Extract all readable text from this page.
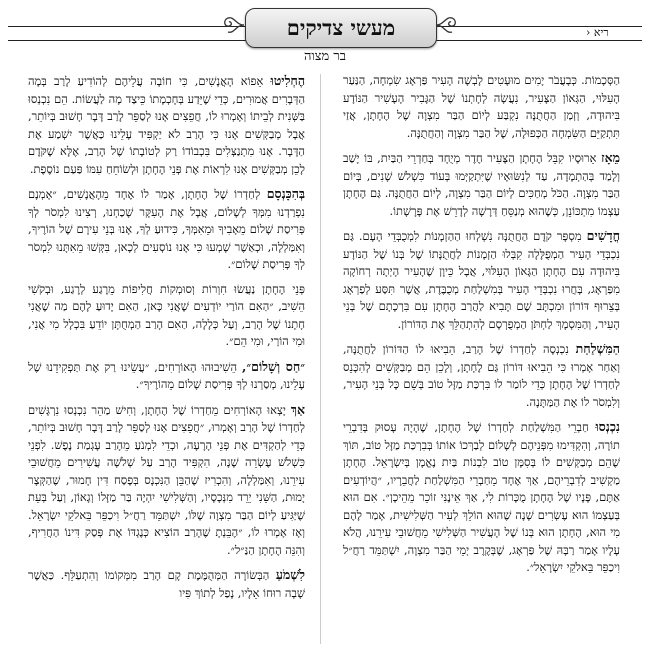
מעשי צדיקים	ריא ‹
בר מצוה

הַסְּכָמוֹת. כְּבָעֲבֹר יָמִים מוּעָטִים לָבְשָׁה הָעִיר פַּרְאָג שִׂמְחָה, הַנַּעַר הָעִלּוּי, הַגְּאוֹן הַצָּעִיר, נִעֲשָׂה לְחָתְנוֹ שֶׁל הַגָּבִיר הָעָשִׁיר הַנּוֹדָע בִּיהוּדָה, וְזְמַן הַחֲתֻנָּה נִקְבַּע לְיוֹם הַבַּר מִצְוָה שֶׁל הֶחָתָן, אֲזַי תִּתְקַיֵּם הַשִּׂמְחָה הַכְּפוּלָה, שֶׁל הַבַּר מִצְוָה וְהַחֲתֻנָּה.

מֵאָז אֵרוּסָיו קִבֵּל הֶחָתָן הַצָּעִיר חֶדֶר מְיֻחָד בְּחַדְרֵי הַבַּיִת, בּוֹ יָשַׁב וְלָמַד בְּהַתְמָדָה, עַד לְנִשּׂוּאָיו שֶׁיִּתְקַיְּמוּ בְּעוֹד כִּשְׁלֹשׁ שָׁנִים, בְּיוֹם הַבַּר מִצְוָה. הַכֹּל מְחַכִּים לְיוֹם הַבַּר מִצְוָה, לְיוֹם הַחֲתֻנָּה. גַּם הֶחָתָן עַצְמוֹ מִתְכּוֹנֵן, כְּשֶׁהוּא מְנַסֵּחַ דְּרָשָׁה לְדָרֵשׁ אֶת פָּרָשָׁתוֹ.

חֳדָשִׁים מִסְפָּר קֹדֶם הַחֲתֻנָּה נִשְׁלְחוּ הַהַזְמָנוֹת לִמְכֻבְּדֵי הָעָם. גַּם נִכְבְּדֵי הָעִיר הַמְפֻלָּלָה קִבְּלוּ הַזְמָנוֹת לַחֲתֻנָּתוֹ שֶׁל בְּנוֹ שֶׁל הַנּוֹדָע בִּיהוּדָה עִם הֶחָתָן הַגָּאוֹן הָעִלּוּי, אֲבָל כֵּיוָן שֶׁהָעִיר הָיְתָה רְחוֹקָה מִפַּרְאָג, בָּחֲרוּ נִכְבְּדֵי הָעִיר בְּמִשְׁלַחַת מְכֻבֶּדֶת, אֲשֶׁר תִּסַּע לְפַרְאָג בְּצֵרוּף דּוֹרוֹן וּמִכְתָּב שֶׁם תָּבִיא לַהֲרַב הֶחָתָן עִם בִּרְכָתָם שֶׁל בְּנֵי הָעִיר, וְהַמִּסְמָךְ לַחְתֹּן הַמְפֻרְסָם לְהִתְהַלֵּךְ אֶת הַדּוֹרוֹן.

הַמִּשְׁלַחַת נִכְנְסָה לְחַדְרוֹ שֶׁל הָרַב, הֵבִיאוּ לוֹ הַדּוֹרוֹן לַחֲתֻנָּה, וְאַחַר אָמְרוּ כִּי הֵבִיאוּ דּוֹרוֹן גַּם לֶחָתָן, וְלָכֵן הֵם מְבַקְּשִׁים לְהִכָּנֵס לְחַדְרוֹ שֶׁל הֶחָתָן כְּדֵי לוֹמַר לוֹ בִּרְכַּת מַזָּל טוֹב בְּשֵׁם כָּל בְּנֵי הָעִיר, וְלִמְסֹר לוֹ אֶת הַמַּתָּנָה.

נִכְנְסוּ חַבְרֵי הַמִּשְׁלַחַת לְחַדְרוֹ שֶׁל הֶחָתָן, שֶׁהָיָה עָסוּק בְּדִבְרֵי תוֹרָה, וְהִקְדִּימוּ מִפְּנֵיהֶם לְשָׁלוֹם לְבַרְּכוֹ אוֹתוֹ בְּבִרְכַּת מַזָּל טוֹב, תּוֹךְ שֶׁהֵם מְבַקְּשִׁים לוֹ בְּסִמָּן טוֹב לִבְנוֹת בַּיִת נֶאֱמָן בְּיִשְׂרָאֵל. הֶחָתָן מַקְשִׁיב לְדִבְרֵיהֶם, אַךְ אֶחָד מֵחַבְרֵי הַמִּשְׁלַחַת לַחֲבֵרָיו, ״הֲיוֹדְעִים אַתֶּם, פָּנָיו שֶׁל הֶחָתָן מֻכָּרוֹת לִי, אַךְ אֵינֶנִּי זוֹכֵר מֵהֵיכָן״. אִם הוּא בְּעַצְמוֹ הוּא עֶשְׂרִים שָׁנָה שֶׁהוּא הוֹלֵךְ לְעִיר הַשְּׁלִישִׁית, אָמַר לָהֶם מִי הוּא, הֶחָתָן הוּא בְּנוֹ שֶׁל הָעֲשִׁיר הַשְּׁלִישִׁי מֵחֲשׁוּבֵי עִירֵנוּ, הֲלֹא עָלָיו אָמַר רַבָּהּ שֶׁל פַּרְאָג, שֶׁבְּקֶרֶב יְמֵי הַבַּר מִצְוָה, יִשְׁתַּמֵּד רַחֲ״ל וִיכַפֵּר בֵּאלֹקֵי יִשְׂרָאֵל״.

הֶחְלִיטוּ אֵפוֹא הָאֲנָשִׁים, כִּי חוֹבָה עֲלֵיהֶם לְהוֹדִיעַ לָרַב בְּמָה הַדְּבָרִים אֲמוּרִים, כְּדֵי שֶׁיֵּדַע בְּחָכְמָתוֹ כֵּיצַד מָה לַעֲשׂוֹת. הֵם נִכְנְסוּ בַּשְּׁנִית לְבֵיתוֹ וְאָמְרוּ לוֹ, חֲפֵצִים אָנוּ לְסַפֵּר לָרַב דָּבָר חָשׁוּב בְּיוֹתֵר, אֲבָל מְבַקְּשִׁים אָנוּ כִּי הָרַב לֹא יַקְפִּיד עָלֵינוּ כַּאֲשֶׁר יִשְׁמַע אֶת הַדָּבָר. אָנוּ מִתְנַצְּלִים בִּכְבוֹדוֹ רַק לְטוֹבָתוֹ שֶׁל הָרַב, אֶלָּא שֶׁקֹּדֶם לָכֵן מְבַקְּשִׁים אָנוּ לִרְאוֹת אֶת פְּנֵי הֶחָתָן וּלְשׂוֹחֵחַ עִמּוֹ פַּעַם נוֹסֶפֶת.

בְּהִכָּנְסָם לְחַדְרוֹ שֶׁל הֶחָתָן, אָמַר לוֹ אֶחָד מֵהָאֲנָשִׁים, ״אָמְנָם נִפְרַדְנוּ מִמְּךָ לְשָׁלוֹם, אֲבָל אֶת הָעִקָּר שָׁכַחְנוּ, רְצִינוּ לִמְסֹר לְךָ פְּרִיסַת שָׁלוֹם מֵאָבִיךָ וּמֵאִמְּךָ, כִּידוּעַ לְךָ, אָנוּ בְּנֵי עִירָם שֶׁל הוֹרֶיךָ, וְאִמַּלְלָה, וּכְאַשֶׁר שָׁמְעוּ כִּי אָנוּ נוֹסְעִים לְכָאן, בִּקְּשׁוּ מֵאִתָּנוּ לִמְסֹר לְךָ פְּרִיסַת שָׁלוֹם״.

פְּנֵי הֶחָתָן נַעֲשׂוּ חִוְרוֹת וְסוּמְקוֹת חֲלִיפוֹת מֵרֶגַע לְרֶגַע, וּבְקֹשִׁי הֵשִׁיב, ״הַאִם הוֹרַי יוֹדְעִים שֶׁאֲנִי כָּאן, הַאִם יָדוּעַ לָהֶם מַה שֶׁאֲנִי חָתָנוֹ שֶׁל הָרַב, וְעַל כְּלָלָה, הַאִם הָרַב הַמְחֻתָּן יוֹדֵעַ בִּכְלָל מִי אֲנִי, וּמִי הוֹרַי, וּמִי הֵם״.

״חַס וְשָׁלוֹם״, הֵשִׁיבוּהוּ הָאוֹרְחִים, ״עֲשֵׂינוּ רַק אֶת תַּפְקִידֵנוּ שֶׁל עָלֵינוּ, מְסַרְנוּ לְךָ פְּרִיסַת שָׁלוֹם מֵהוֹרֶיךָ״.

אַךְ יָצְאוּ הָאוֹרְחִים מֵחַדְרוֹ שֶׁל הֶחָתָן, וְחִישׁ מַהֵר נִכְנְסוּ נִרְגָּשִׁים לְחַדְרוֹ שֶׁל הָרַב וְאָמְרוּ, ״חֲפֵצִים אָנוּ לְסַפֵּר לָרַב דָּבָר חָשׁוּב בְּיוֹתֵר, כְּדֵי לְהַקְדִּים אֶת פְּנֵי הָרָעָה, וּכְדֵי לִמְנֹעַ מֵהָרַב עָגְמַת נֶפֶשׁ. לִפְנֵי כִּשְׁלֹשׁ עֶשְׂרֵה שָׁנָה, הִקְפִּיד הָרַב עַל שְׁלֹשָׁה עֲשִׁירִים מֵחֲשׁוּבֵי עִירֵנוּ, וְאִמַּלְלָה, וְהִכְרִיז שֶׁהַבֵּן הַנִּכְנָס בְּפֶסַח דִּין חָמוּר, שֶׁהַקְּצָר יָמוּת, הַשֵּׁנִי יֵרֵד מִנְּכָסָיו, וְהַשְּׁלִישִׁי יִהְיֶה בַּר מַזָּלוֹ וְגָאוֹן, וְעַל בְּעֵת שֶׁיַּגִּיעַ לְיוֹם הַבַּר מִצְוָה שֶׁלּוֹ, יִשְׁתַּמֵּד רַחֲ״ל וִיכַפֵּר בֵּאלֹקֵי יִשְׂרָאֵל. וְאָז אָמְרוּ לוֹ, ״הֶבֵּנְתָ שֶׁהָרַב הוֹצִיא כְּנֶגְדּוֹ אֶת פְּסַק דִּינוֹ הַחֲרִיף, וְהִנֵּה הֶחָתָן הַנַּ״ל״.

לִשְׁמֹעַ הַבְּשׂוֹרָה הַמְּהֻמֶּמֶת קָם הָרַב מִמְּקוֹמוֹ וְהִתְעַלֵּף. כַּאֲשֶׁר שָׁבָה רוּחוֹ אֵלָיו, נָפַל לְתוֹךְ פִּיו
